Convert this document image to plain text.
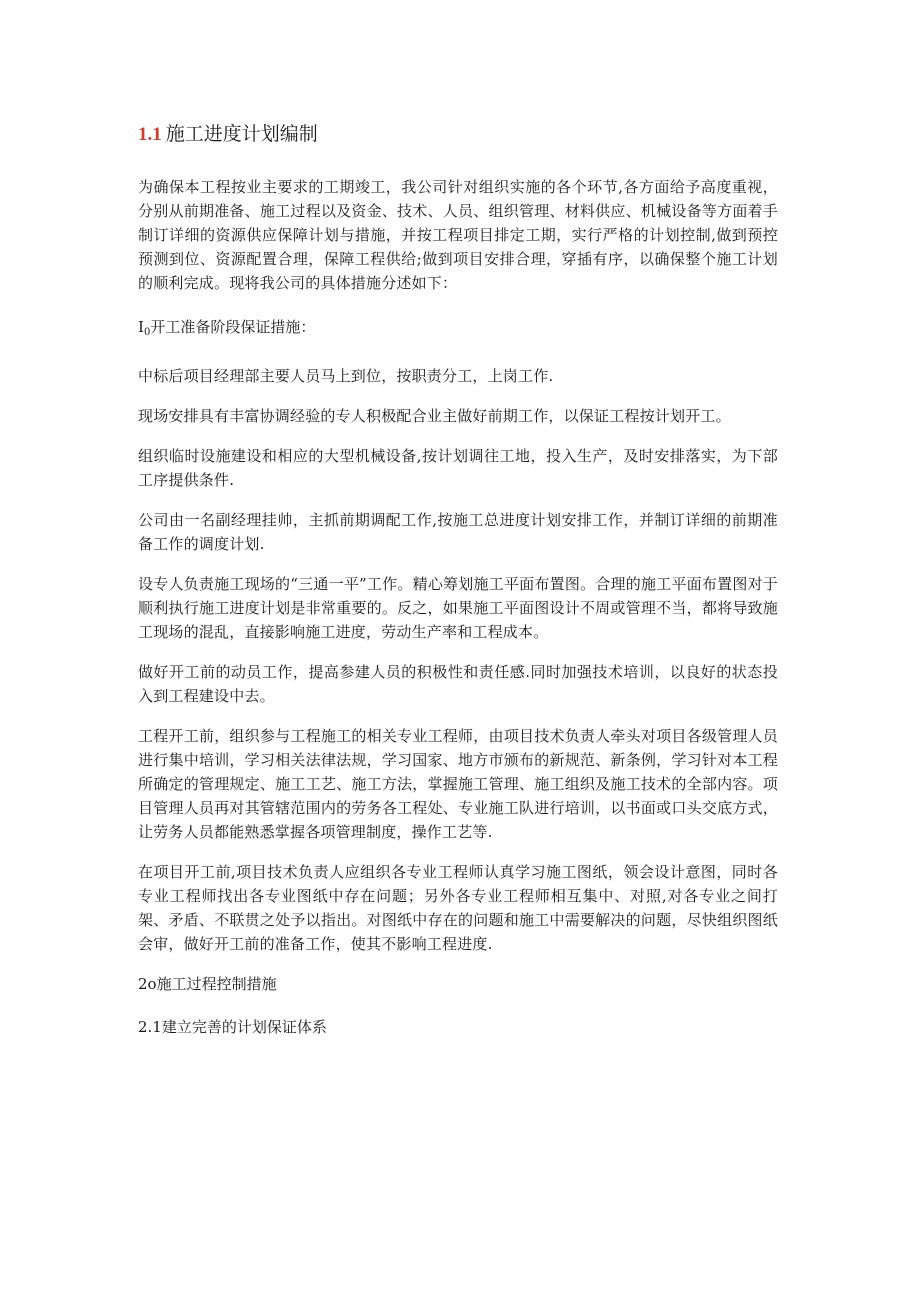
1.1 施工进度计划编制

为确保本工程按业主要求的工期竣工，我公司针对组织实施的各个环节,各方面给予高度重视，分别从前期准备、施工过程以及资金、技术、人员、组织管理、材料供应、机械设备等方面着手制订详细的资源供应保障计划与措施，并按工程项目排定工期，实行严格的计划控制,做到预控预测到位、资源配置合理，保障工程供给;做到项目安排合理，穿插有序，以确保整个施工计划的顺利完成。现将我公司的具体措施分述如下：

$I_0$开工准备阶段保证措施：

中标后项目经理部主要人员马上到位，按职责分工，上岗工作.

现场安排具有丰富协调经验的专人积极配合业主做好前期工作，以保证工程按计划开工。

组织临时设施建设和相应的大型机械设备,按计划调往工地，投入生产，及时安排落实，为下部工序提供条件.

公司由一名副经理挂帅，主抓前期调配工作,按施工总进度计划安排工作，并制订详细的前期准备工作的调度计划.

设专人负责施工现场的“三通一平”工作。精心筹划施工平面布置图。合理的施工平面布置图对于顺利执行施工进度计划是非常重要的。反之，如果施工平面图设计不周或管理不当，都将导致施工现场的混乱，直接影响施工进度，劳动生产率和工程成本。

做好开工前的动员工作，提高参建人员的积极性和责任感.同时加强技术培训，以良好的状态投入到工程建设中去。

工程开工前，组织参与工程施工的相关专业工程师，由项目技术负责人牵头对项目各级管理人员进行集中培训，学习相关法律法规，学习国家、地方市颁布的新规范、新条例，学习针对本工程所确定的管理规定、施工工艺、施工方法，掌握施工管理、施工组织及施工技术的全部内容。项目管理人员再对其管辖范围内的劳务各工程处、专业施工队进行培训，以书面或口头交底方式，让劳务人员都能熟悉掌握各项管理制度，操作工艺等.

在项目开工前,项目技术负责人应组织各专业工程师认真学习施工图纸，领会设计意图，同时各专业工程师找出各专业图纸中存在问题；另外各专业工程师相互集中、对照,对各专业之间打架、矛盾、不联贯之处予以指出。对图纸中存在的问题和施工中需要解决的问题，尽快组织图纸会审，做好开工前的准备工作，使其不影响工程进度.

2o施工过程控制措施

2.1建立完善的计划保证体系
